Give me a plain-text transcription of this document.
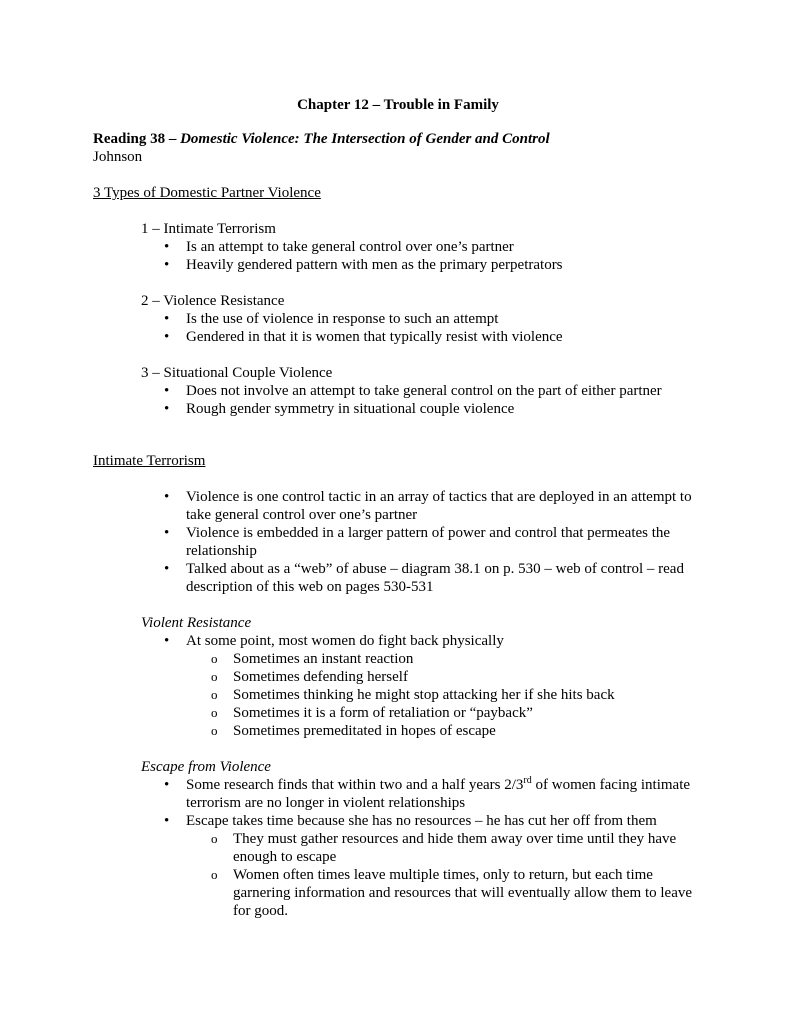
Chapter 12 – Trouble in Family

Reading 38 – Domestic Violence: The Intersection of Gender and Control

Johnson

3 Types of Domestic Partner Violence

1 – Intimate Terrorism

• Is an attempt to take general control over one’s partner
• Heavily gendered pattern with men as the primary perpetrators

2 – Violence Resistance

• Is the use of violence in response to such an attempt
• Gendered in that it is women that typically resist with violence

3 – Situational Couple Violence

• Does not involve an attempt to take general control on the part of either partner
• Rough gender symmetry in situational couple violence

Intimate Terrorism

• Violence is one control tactic in an array of tactics that are deployed in an attempt to take general control over one’s partner
• Violence is embedded in a larger pattern of power and control that permeates the relationship
• Talked about as a “web” of abuse – diagram 38.1 on p. 530 – web of control – read description of this web on pages 530-531

Violent Resistance

• At some point, most women do fight back physically
o Sometimes an instant reaction
o Sometimes defending herself
o Sometimes thinking he might stop attacking her if she hits back
o Sometimes it is a form of retaliation or “payback”
o Sometimes premeditated in hopes of escape

Escape from Violence

• Some research finds that within two and a half years 2/3rd of women facing intimate terrorism are no longer in violent relationships
• Escape takes time because she has no resources – he has cut her off from them
o They must gather resources and hide them away over time until they have enough to escape
o Women often times leave multiple times, only to return, but each time garnering information and resources that will eventually allow them to leave for good.
